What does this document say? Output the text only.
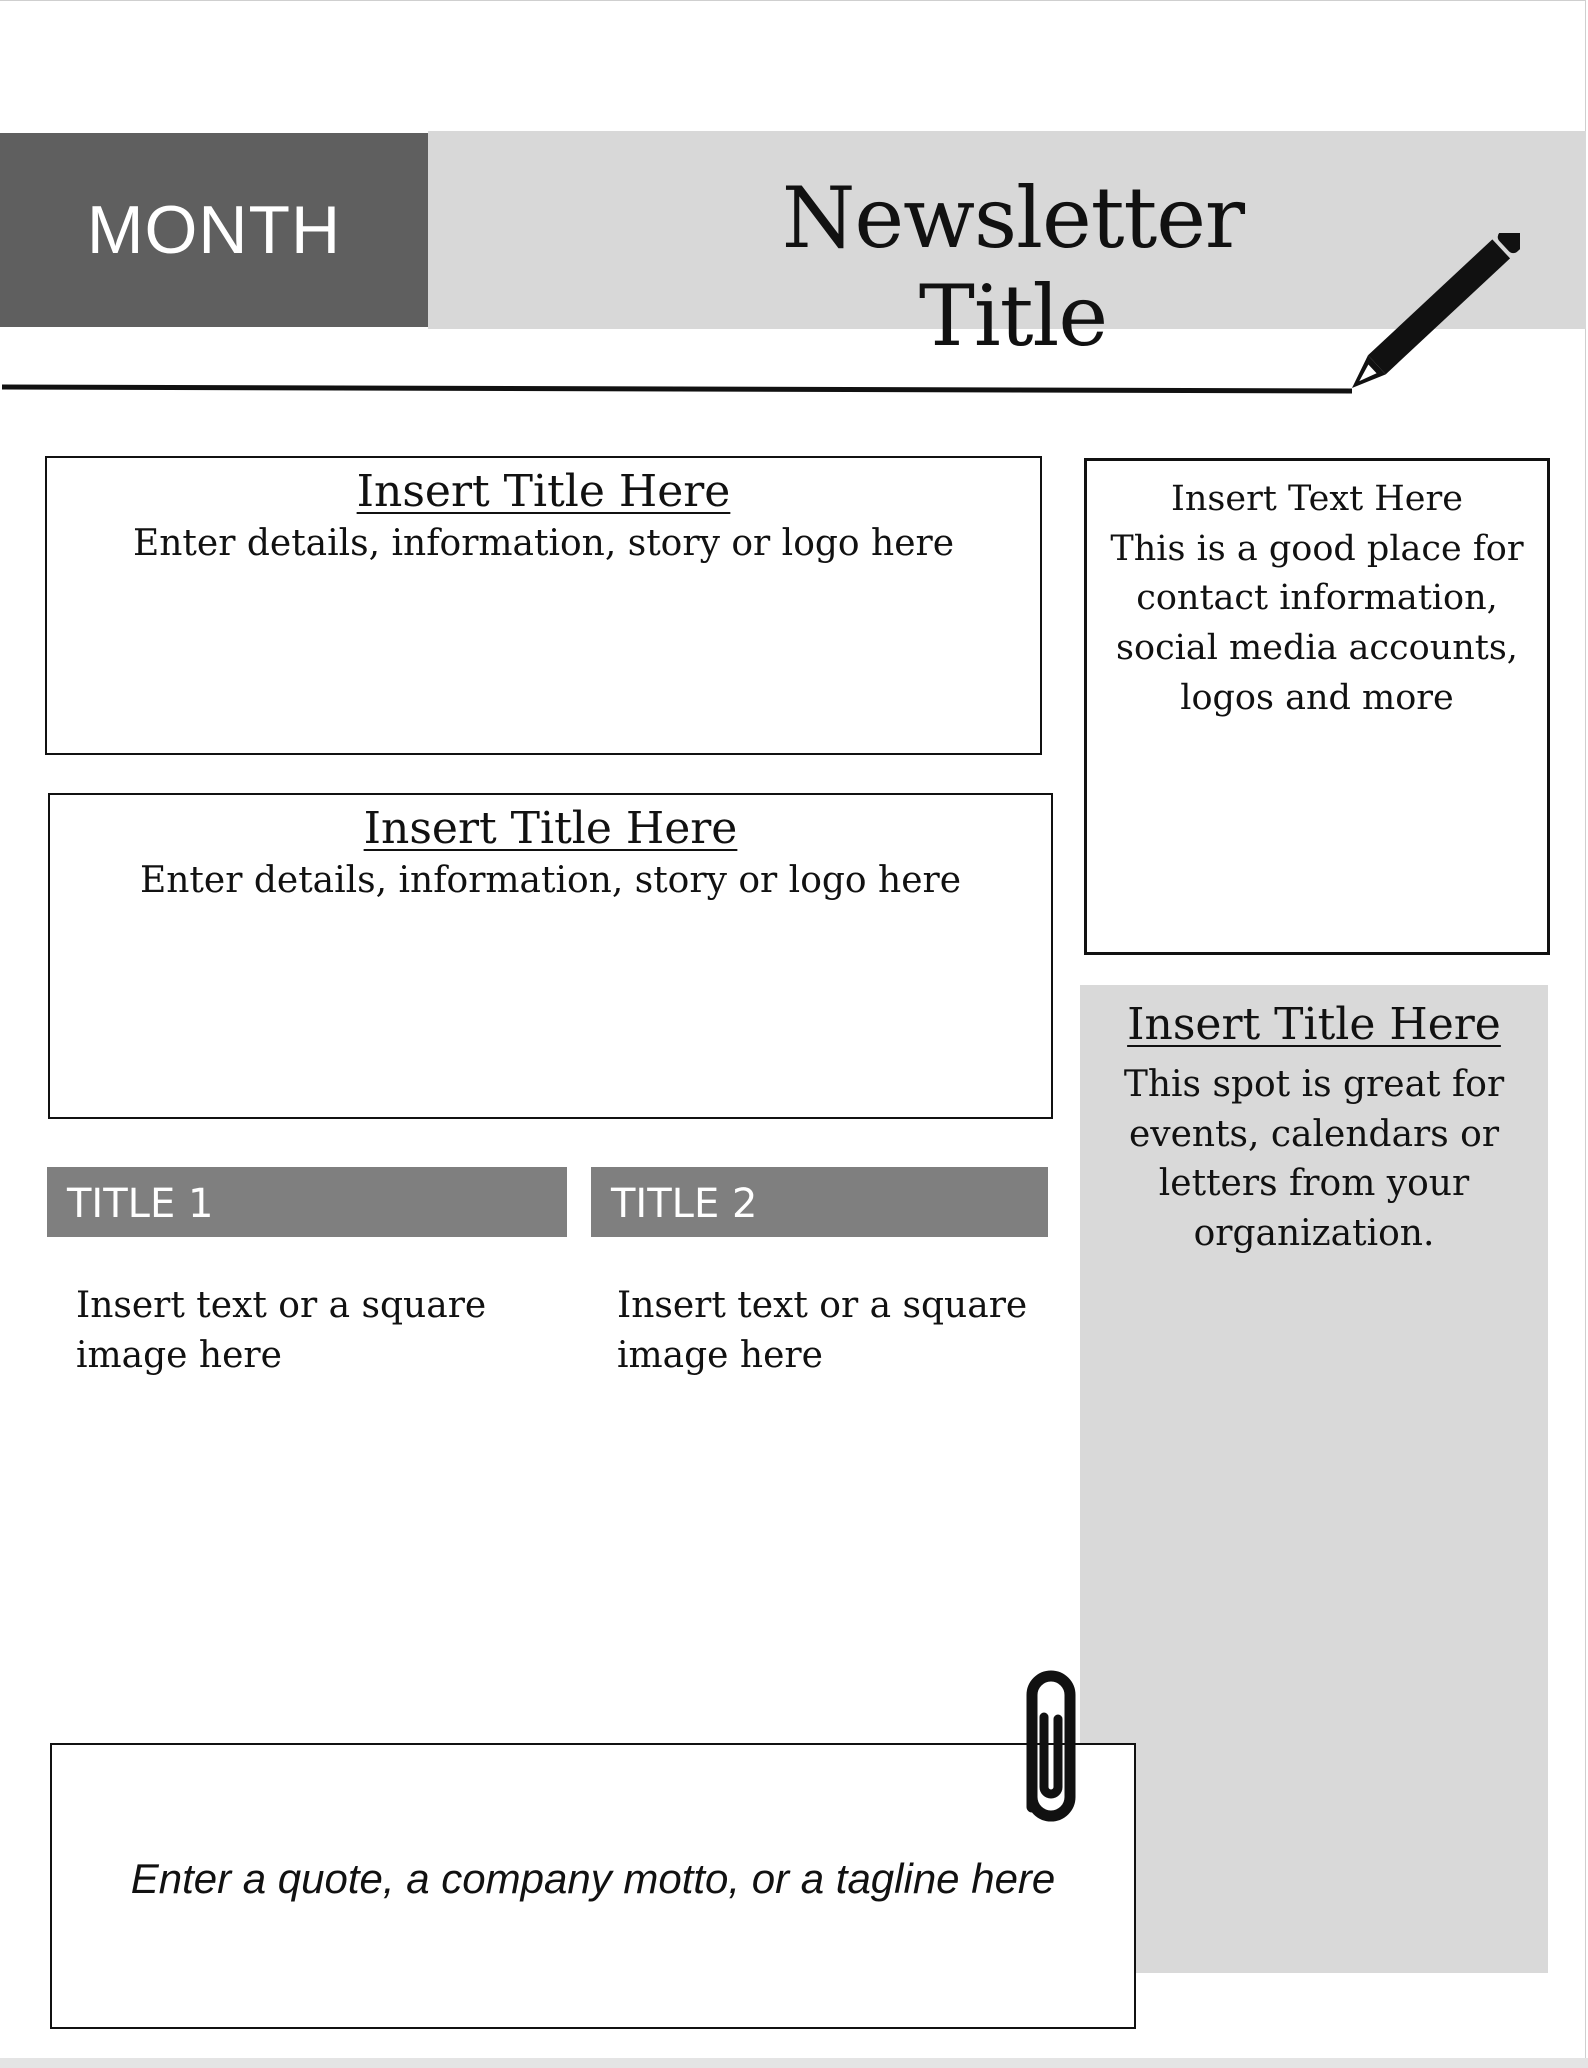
MONTH	Newsletter Title
Insert Title Here
Enter details, information, story or logo here
Insert Title Here
Enter details, information, story or logo here
Insert Text Here
This is a good place for
contact information,
social media accounts,
logos and more
Insert Title Here
This spot is great for events, calendars or letters from your organization.
TITLE 1	TITLE 2
Insert text or a square image here
Insert text or a square image here
Enter a quote, a company motto, or a tagline here
